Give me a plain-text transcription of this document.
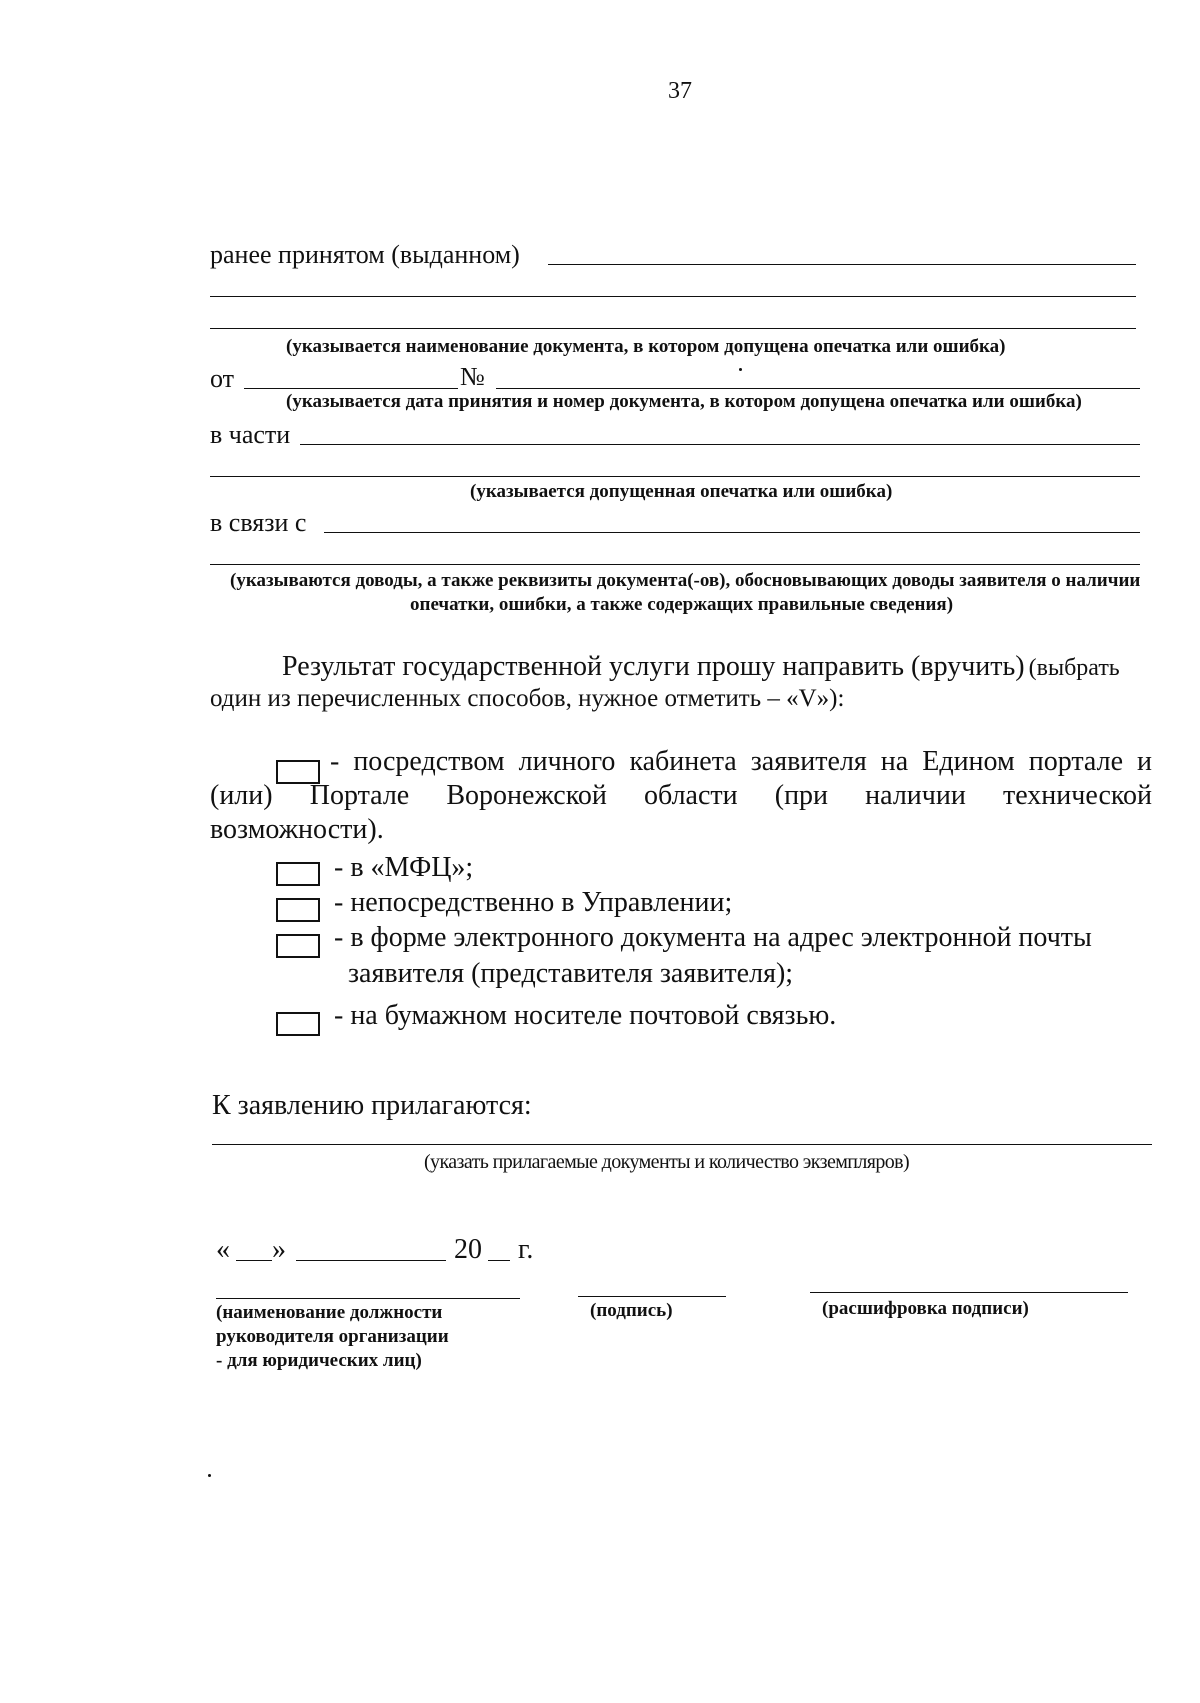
37
ранее принятом (выданном)
(указывается наименование документа, в котором допущена опечатка или ошибка)
от	№
(указывается дата принятия и номер документа, в котором допущена опечатка или ошибка)
в части
(указывается допущенная опечатка или ошибка)
в связи с
(указываются доводы, а также реквизиты документа(-ов), обосновывающих доводы заявителя о наличии
опечатки, ошибки, а также содержащих правильные сведения)
Результат государственной услуги прошу направить (вручить) (выбрать
один из перечисленных способов, нужное отметить – «V»):
- посредством личного кабинета заявителя на Едином портале и
(или) Портале Воронежской области (при наличии технической
возможности).
- в «МФЦ»;
- непосредственно в Управлении;
- в форме электронного документа на адрес электронной почты
заявителя (представителя заявителя);
- на бумажном носителе почтовой связью.
К заявлению прилагаются:
(указать прилагаемые документы и количество экземпляров)
« »	20 г.
(наименование должности
руководителя организации
- для юридических лиц)
(подпись)	(расшифровка подписи)
